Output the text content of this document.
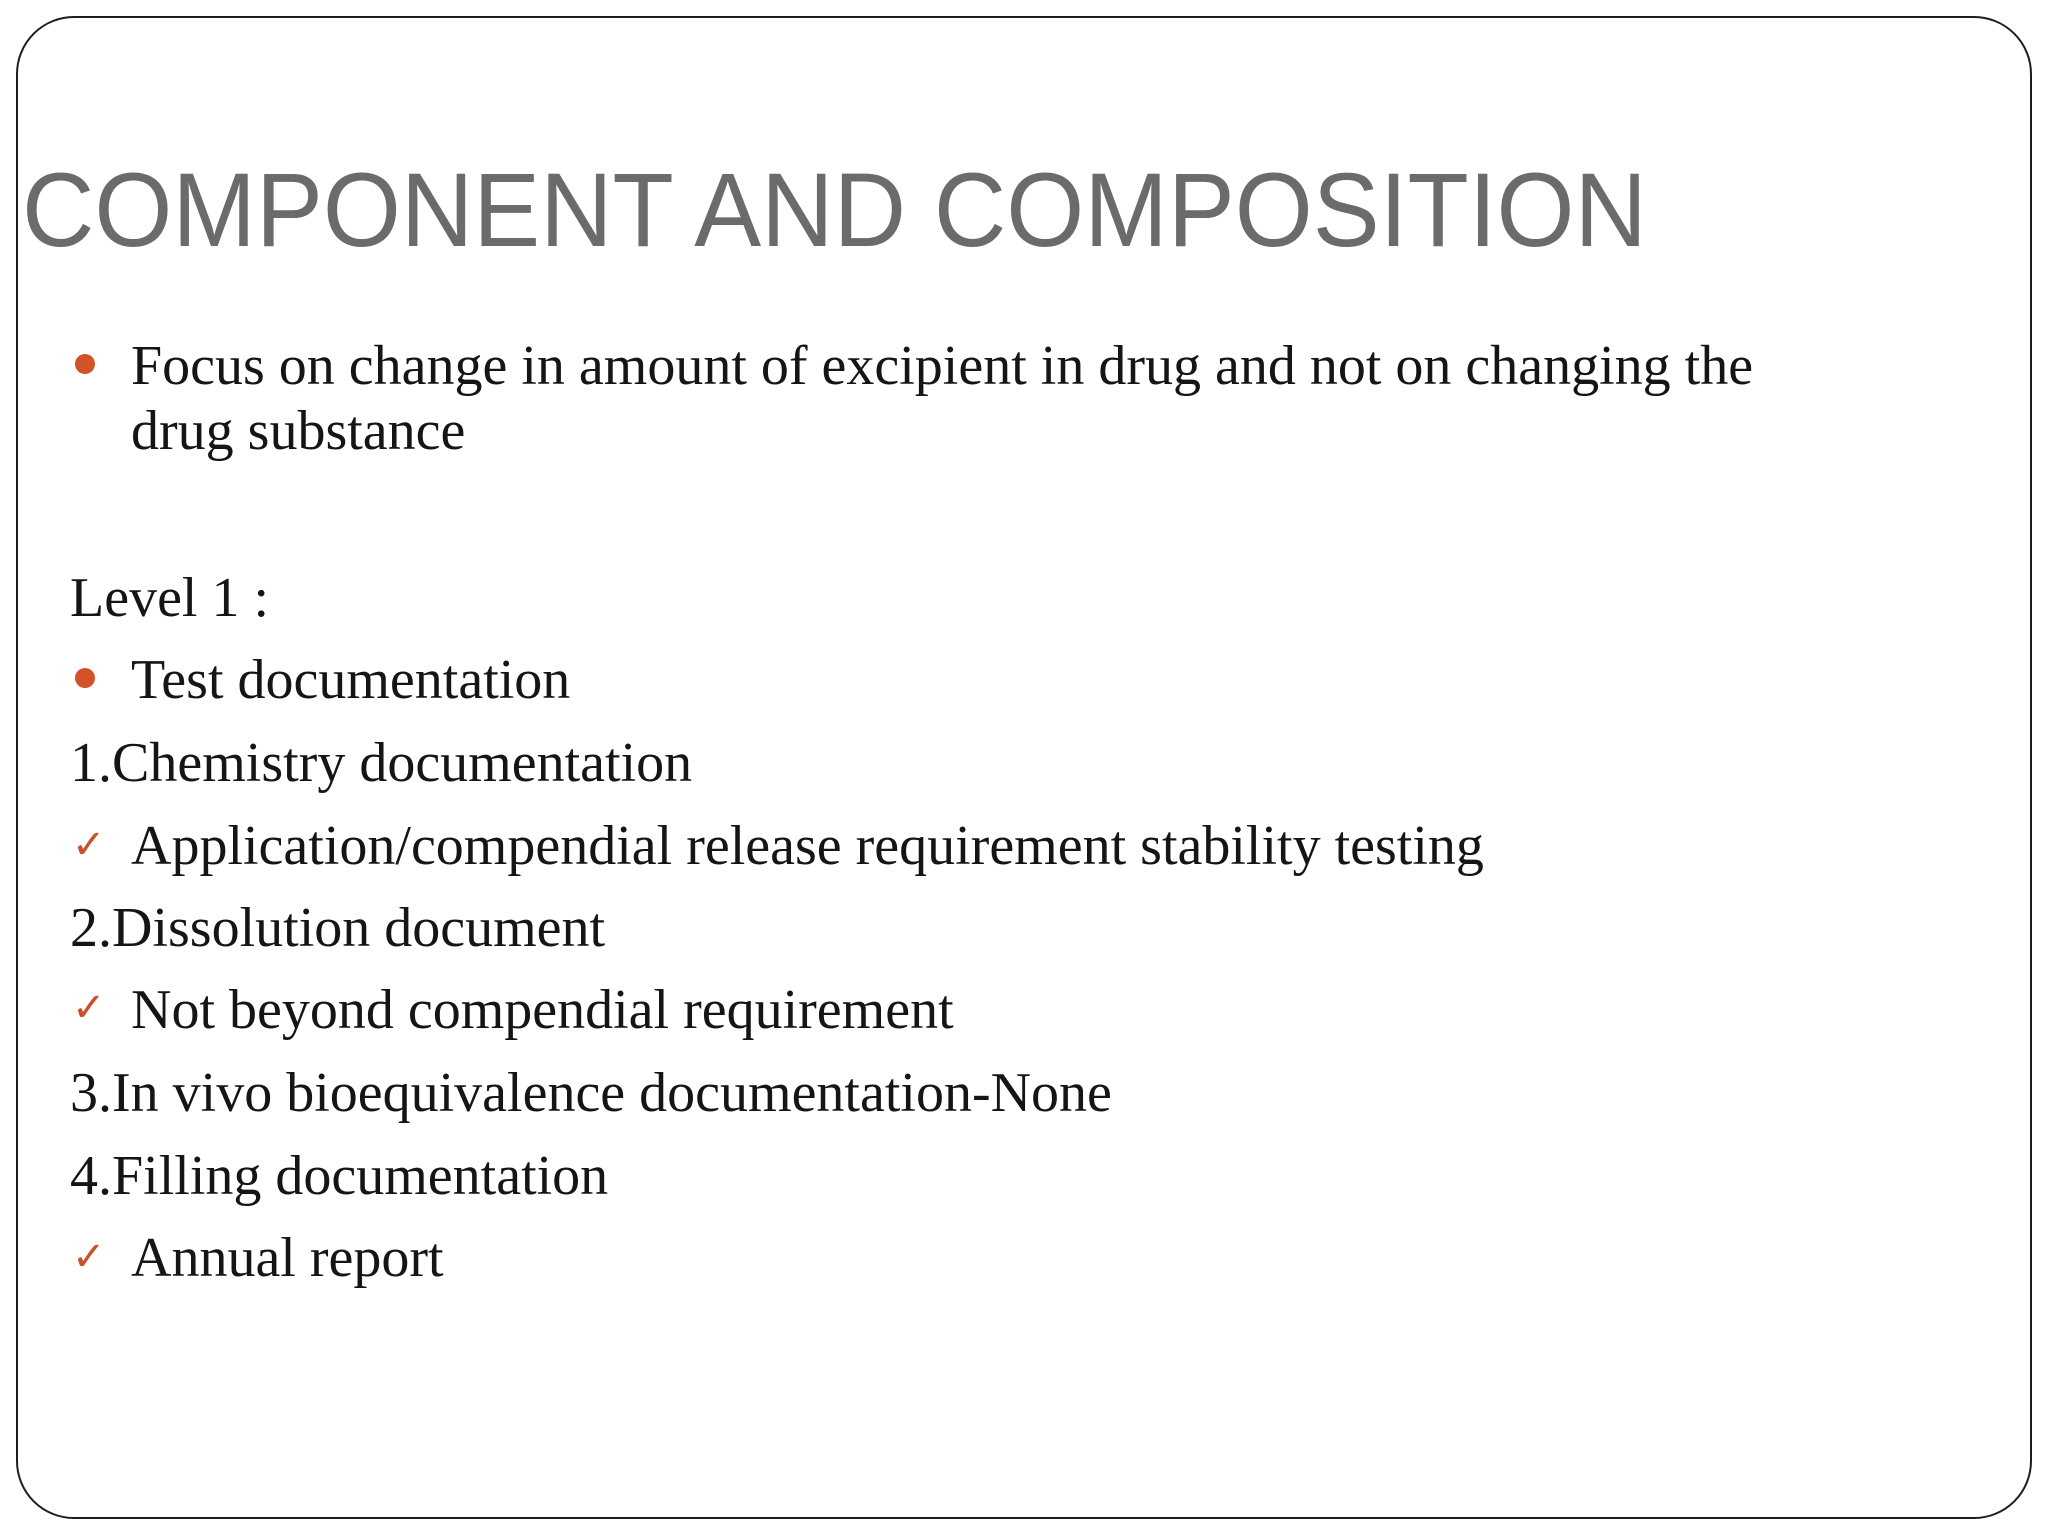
COMPONENT AND COMPOSITION
Focus on change in amount of excipient in drug and not on changing the
drug substance
Level 1 :
Test documentation
1.Chemistry documentation
✓ Application/compendial release requirement stability testing
2.Dissolution document
✓ Not beyond compendial requirement
3.In vivo bioequivalence documentation-None
4.Filling documentation
✓ Annual report
